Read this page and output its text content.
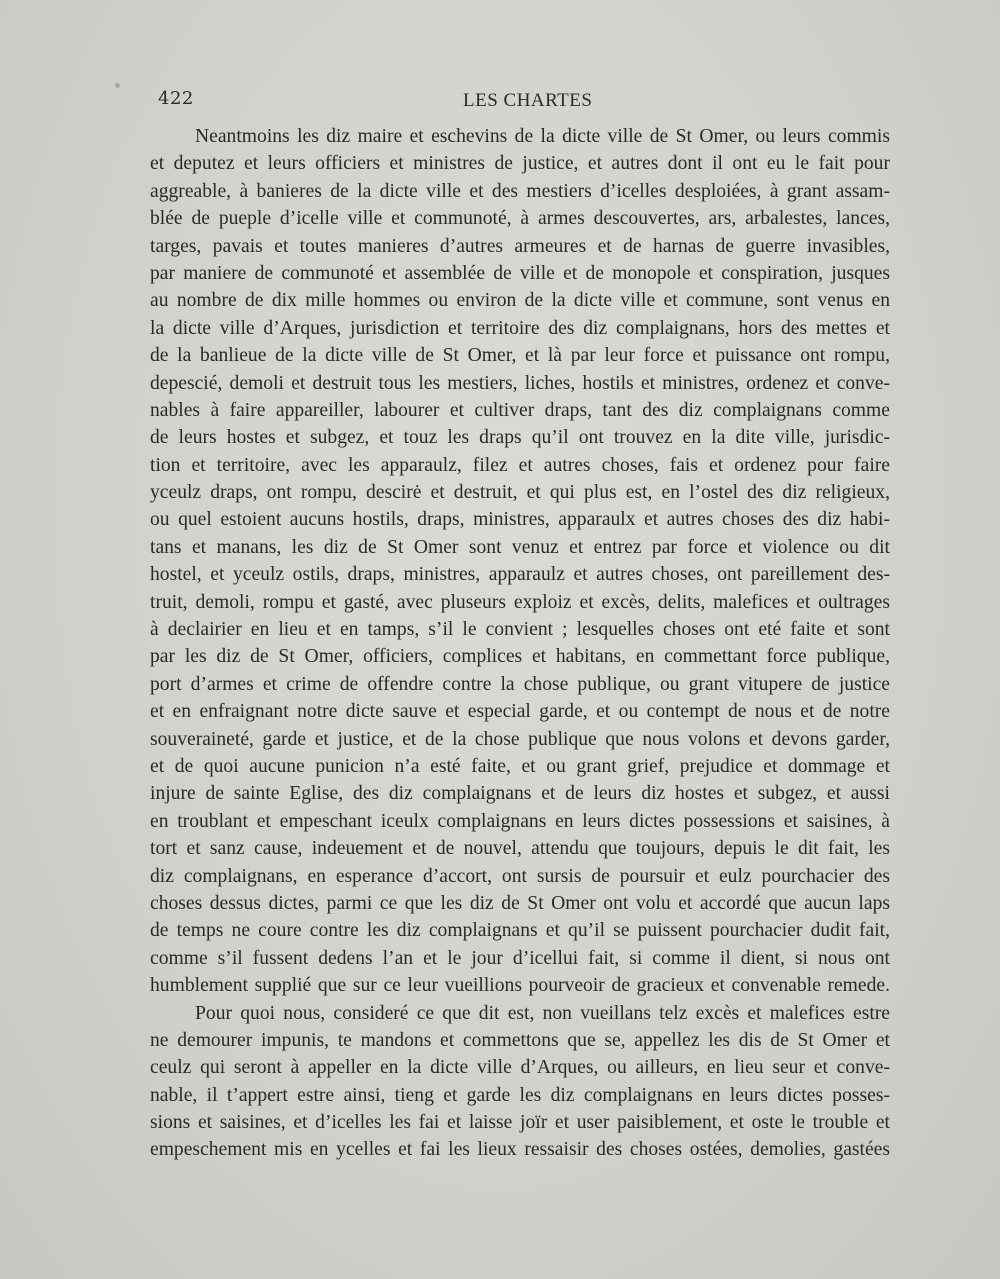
422	LES CHARTES
Neantmoins les diz maire et eschevins de la dicte ville de St Omer, ou leurs commis
et deputez et leurs officiers et ministres de justice, et autres dont il ont eu le fait pour
aggreable, à banieres de la dicte ville et des mestiers d’icelles desploiées, à grant assam-
blée de pueple d’icelle ville et communoté, à armes descouvertes, ars, arbalestes, lances,
targes, pavais et toutes manieres d’autres armeures et de harnas de guerre invasibles,
par maniere de communoté et assemblée de ville et de monopole et conspiration, jusques
au nombre de dix mille hommes ou environ de la dicte ville et commune, sont venus en
la dicte ville d’Arques, jurisdiction et territoire des diz complaignans, hors des mettes et
de la banlieue de la dicte ville de St Omer, et là par leur force et puissance ont rompu,
depescié, demoli et destruit tous les mestiers, liches, hostils et ministres, ordenez et conve-
nables à faire appareiller, labourer et cultiver draps, tant des diz complaignans comme
de leurs hostes et subgez, et touz les draps qu’il ont trouvez en la dite ville, jurisdic-
tion et territoire, avec les apparaulz, filez et autres choses, fais et ordenez pour faire
yceulz draps, ont rompu, descirė et destruit, et qui plus est, en l’ostel des diz religieux,
ou quel estoient aucuns hostils, draps, ministres, apparaulx et autres choses des diz habi-
tans et manans, les diz de St Omer sont venuz et entrez par force et violence ou dit
hostel, et yceulz ostils, draps, ministres, apparaulz et autres choses, ont pareillement des-
truit, demoli, rompu et gasté, avec pluseurs exploiz et excès, delits, malefices et oultrages
à declairier en lieu et en tamps, s’il le convient ; lesquelles choses ont eté faite et sont
par les diz de St Omer, officiers, complices et habitans, en commettant force publique,
port d’armes et crime de offendre contre la chose publique, ou grant vitupere de justice
et en enfraignant notre dicte sauve et especial garde, et ou contempt de nous et de notre
souveraineté, garde et justice, et de la chose publique que nous volons et devons garder,
et de quoi aucune punicion n’a esté faite, et ou grant grief, prejudice et dommage et
injure de sainte Eglise, des diz complaignans et de leurs diz hostes et subgez, et aussi
en troublant et empeschant iceulx complaignans en leurs dictes possessions et saisines, à
tort et sanz cause, indeuement et de nouvel, attendu que toujours, depuis le dit fait, les
diz complaignans, en esperance d’accort, ont sursis de poursuir et eulz pourchacier des
choses dessus dictes, parmi ce que les diz de St Omer ont volu et accordé que aucun laps
de temps ne coure contre les diz complaignans et qu’il se puissent pourchacier dudit fait,
comme s’il fussent dedens l’an et le jour d’icellui fait, si comme il dient, si nous ont
humblement supplié que sur ce leur vueillions pourveoir de gracieux et convenable remede.
Pour quoi nous, consideré ce que dit est, non vueillans telz excès et malefices estre
ne demourer impunis, te mandons et commettons que se, appellez les dis de St Omer et
ceulz qui seront à appeller en la dicte ville d’Arques, ou ailleurs, en lieu seur et conve-
nable, il t’appert estre ainsi, tieng et garde les diz complaignans en leurs dictes posses-
sions et saisines, et d’icelles les fai et laisse joïr et user paisiblement, et oste le trouble et
empeschement mis en ycelles et fai les lieux ressaisir des choses ostées, demolies, gastées
